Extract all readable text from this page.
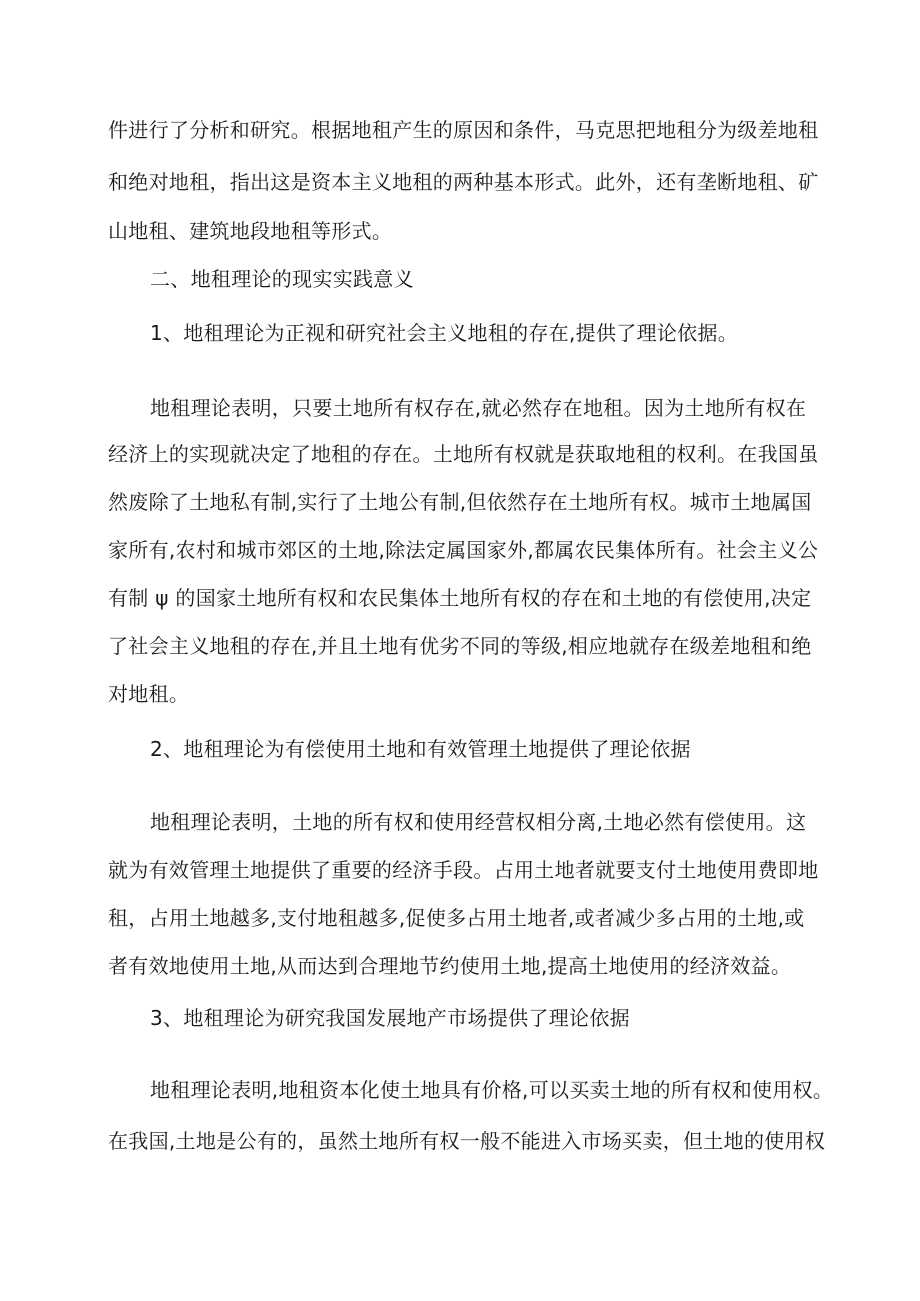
件进行了分析和研究。根据地租产生的原因和条件，马克思把地租分为级差地租
和绝对地租，指出这是资本主义地租的两种基本形式。此外，还有垄断地租、矿
山地租、建筑地段地租等形式。
二、地租理论的现实实践意义
1、地租理论为正视和研究社会主义地租的存在,提供了理论依据。
地租理论表明，只要土地所有权存在,就必然存在地租。因为土地所有权在
经济上的实现就决定了地租的存在。土地所有权就是获取地租的权利。在我国虽
然废除了土地私有制,实行了土地公有制,但依然存在土地所有权。城市土地属国
家所有,农村和城市郊区的土地,除法定属国家外,都属农民集体所有。社会主义公
有制 ψ 的国家土地所有权和农民集体土地所有权的存在和土地的有偿使用,决定
了社会主义地租的存在,并且土地有优劣不同的等级,相应地就存在级差地租和绝
对地租。
2、地租理论为有偿使用土地和有效管理土地提供了理论依据
地租理论表明，土地的所有权和使用经营权相分离,土地必然有偿使用。这
就为有效管理土地提供了重要的经济手段。占用土地者就要支付土地使用费即地
租，占用土地越多,支付地租越多,促使多占用土地者,或者减少多占用的土地,或
者有效地使用土地,从而达到合理地节约使用土地,提高土地使用的经济效益。
3、地租理论为研究我国发展地产市场提供了理论依据
地租理论表明,地租资本化使土地具有价格,可以买卖土地的所有权和使用权。
在我国,土地是公有的，虽然土地所有权一般不能进入市场买卖，但土地的使用权
